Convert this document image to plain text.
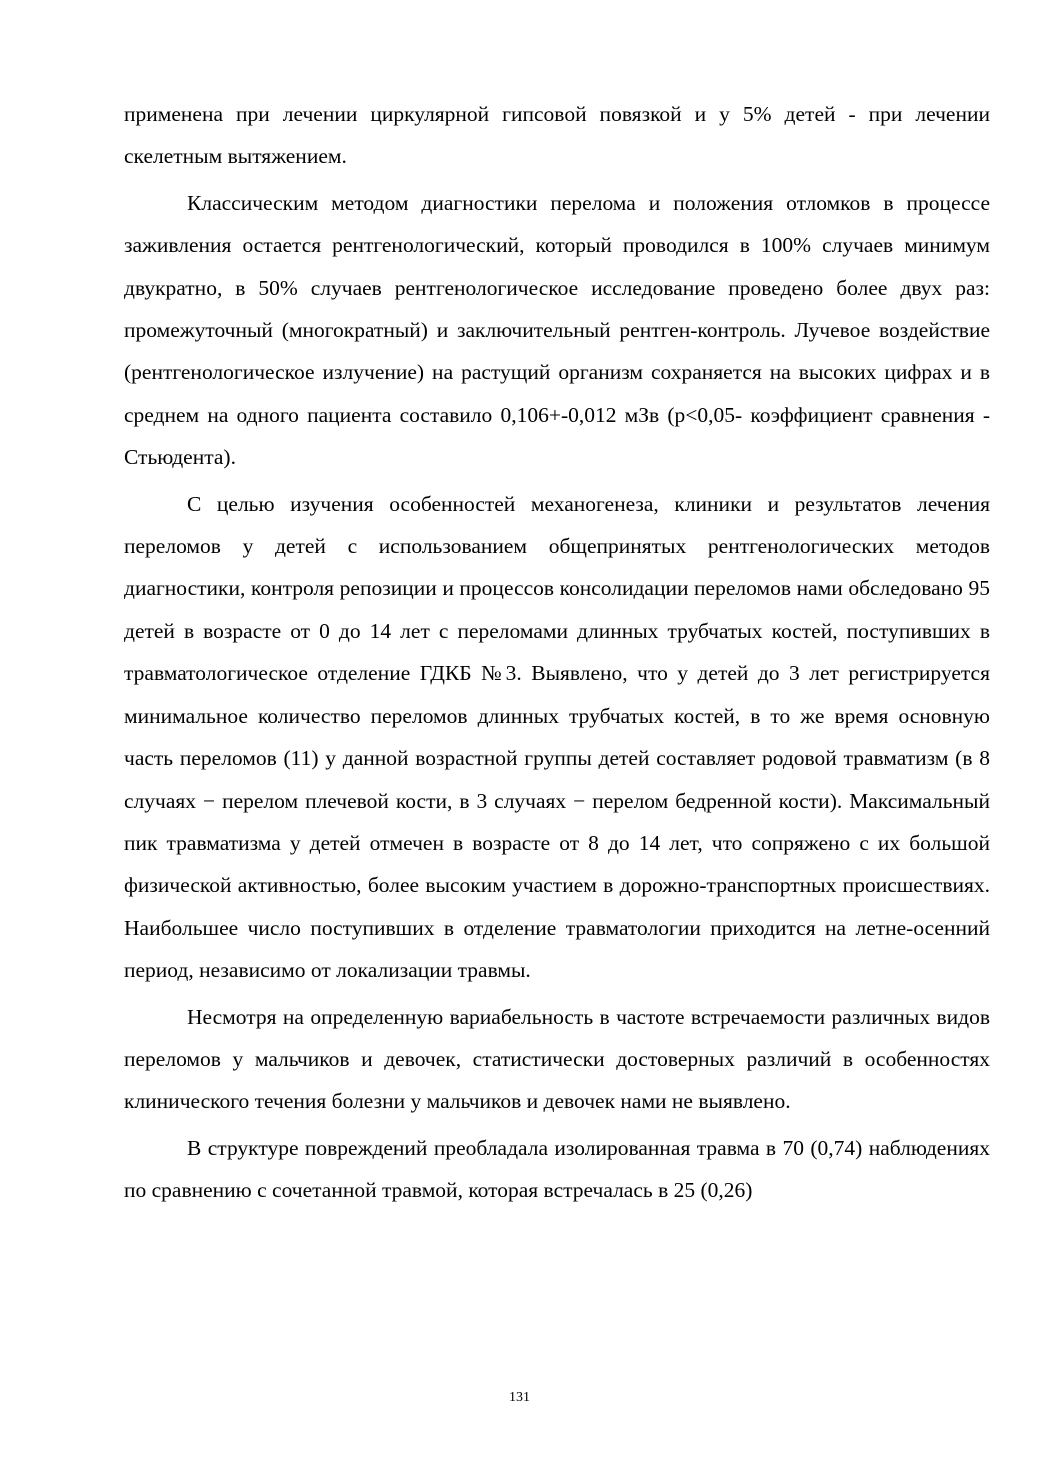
применена при лечении циркулярной гипсовой повязкой и у 5% детей - при лечении скелетным вытяжением.

Классическим методом диагностики перелома и положения отломков в процессе заживления остается рентгенологический, который проводился в 100% случаев минимум двукратно, в 50% случаев рентгенологическое исследование проведено более двух раз: промежуточный (многократный) и заключительный рентген-контроль. Лучевое воздействие (рентгенологическое излучение) на растущий организм сохраняется на высоких цифрах и в среднем на одного пациента составило 0,106+-0,012 мЗв (р<0,05- коэффициент сравнения - Стьюдента).

С целью изучения особенностей механогенеза, клиники и результатов лечения переломов у детей с использованием общепринятых рентгенологических методов диагностики, контроля репозиции и процессов консолидации переломов нами обследовано 95 детей в возрасте от 0 до 14 лет с переломами длинных трубчатых костей, поступивших в травматологическое отделение ГДКБ №3. Выявлено, что у детей до 3 лет регистрируется минимальное количество переломов длинных трубчатых костей, в то же время основную часть переломов (11) у данной возрастной группы детей составляет родовой травматизм (в 8 случаях − перелом плечевой кости, в 3 случаях − перелом бедренной кости). Максимальный пик травматизма у детей отмечен в возрасте от 8 до 14 лет, что сопряжено с их большой физической активностью, более высоким участием в дорожно-транспортных происшествиях. Наибольшее число поступивших в отделение травматологии приходится на летне-осенний период, независимо от локализации травмы.

Несмотря на определенную вариабельность в частоте встречаемости различных видов переломов у мальчиков и девочек, статистически достоверных различий в особенностях клинического течения болезни у мальчиков и девочек нами не выявлено.

В структуре повреждений преобладала изолированная травма в 70 (0,74) наблюдениях по сравнению с сочетанной травмой, которая встречалась в 25 (0,26)

131
